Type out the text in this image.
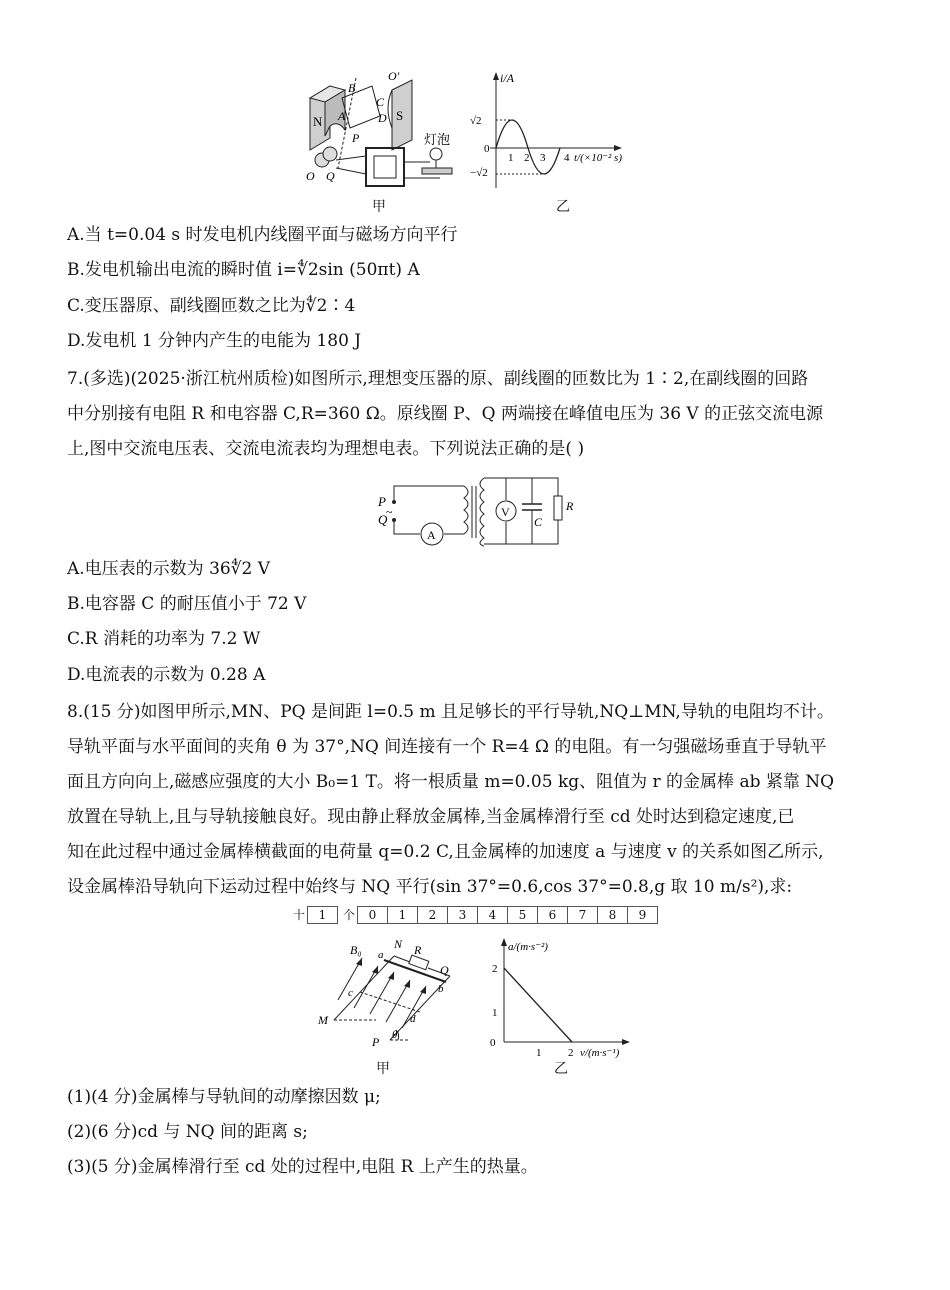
N	S
B
C
D
A
O′
P
O Q
灯泡
i/A
√2
−√2
0
1 2 3 4 t/(×10⁻² s)
甲	乙
A.当 t=0.04 s 时发电机内线圈平面与磁场方向平行
B.发电机输出电流的瞬时值 i=∜2sin (50πt) A
C.变压器原、副线圈匝数之比为∜2∶4
D.发电机 1 分钟内产生的电能为 180 J
7.(多选)(2025·浙江杭州质检)如图所示,理想变压器的原、副线圈的匝数比为 1∶2,在副线圈的回路
中分别接有电阻 R 和电容器 C,R=360 Ω。原线圈 P、Q 两端接在峰值电压为 36 V 的正弦交流电源
上,图中交流电压表、交流电流表均为理想电表。下列说法正确的是( )
P
Q
~
A
V
C
R
A.电压表的示数为 36∜2 V
B.电容器 C 的耐压值小于 72 V
C.R 消耗的功率为 7.2 W
D.电流表的示数为 0.28 A
8.(15 分)如图甲所示,MN、PQ 是间距 l=0.5 m 且足够长的平行导轨,NQ⊥MN,导轨的电阻均不计。
导轨平面与水平面间的夹角 θ 为 37°,NQ 间连接有一个 R=4 Ω 的电阻。有一匀强磁场垂直于导轨平
面且方向向上,磁感应强度的大小 B₀=1 T。将一根质量 m=0.05 kg、阻值为 r 的金属棒 ab 紧靠 NQ
放置在导轨上,且与导轨接触良好。现由静止释放金属棒,当金属棒滑行至 cd 处时达到稳定速度,已
知在此过程中通过金属棒横截面的电荷量 q=0.2 C,且金属棒的加速度 a 与速度 v 的关系如图乙所示,
设金属棒沿导轨向下运动过程中始终与 NQ 平行(sin 37°=0.6,cos 37°=0.8,g 取 10 m/s²),求:
十	1	个	0	1	2	3	4	5	6	7	8	9
B₀	N
a	R
Q
b
c
M	d
P θ
a/(m·s⁻²)
0
1
2
1 2 v/(m·s⁻¹)
甲	乙
(1)(4 分)金属棒与导轨间的动摩擦因数 μ;
(2)(6 分)cd 与 NQ 间的距离 s;
(3)(5 分)金属棒滑行至 cd 处的过程中,电阻 R 上产生的热量。
